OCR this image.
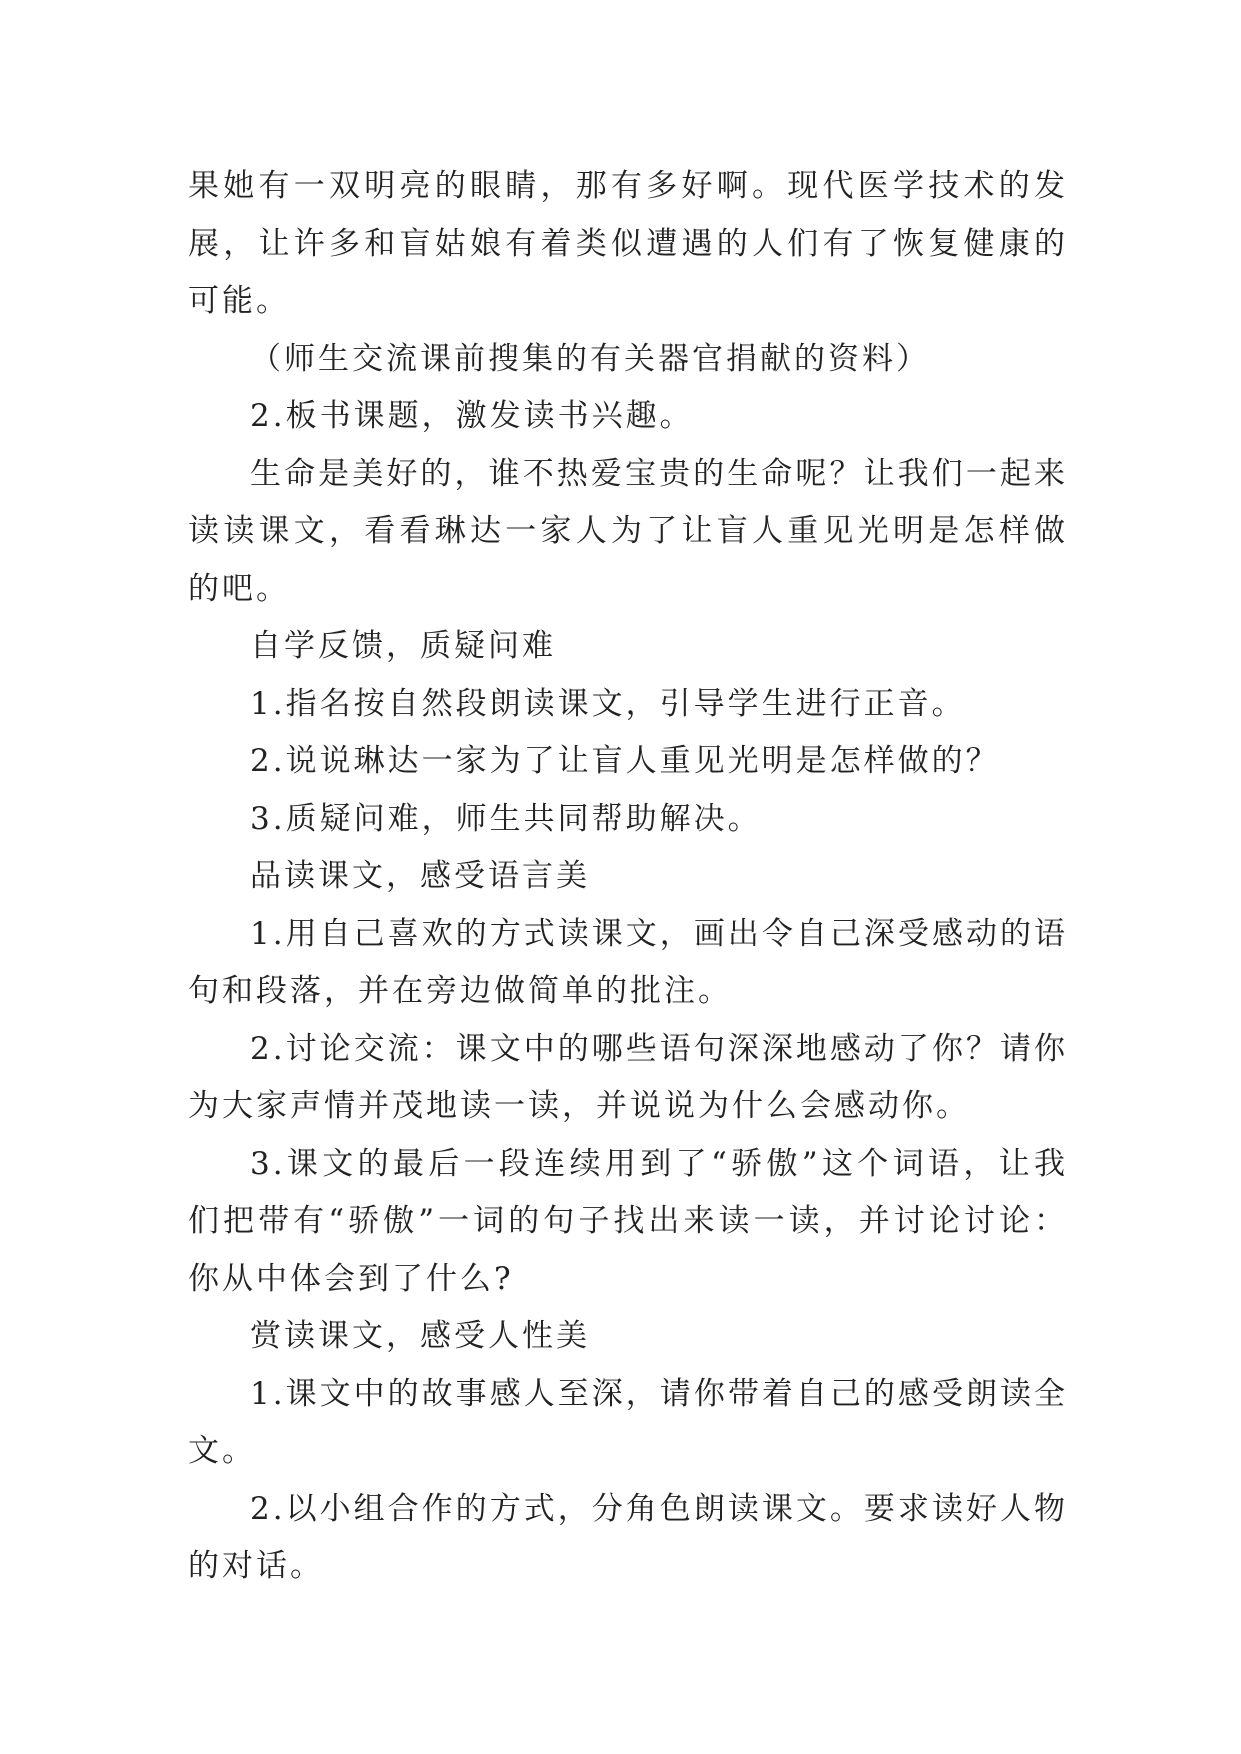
果她有一双明亮的眼睛，那有多好啊。现代医学技术的发展，让许多和盲姑娘有着类似遭遇的人们有了恢复健康的可能。

（师生交流课前搜集的有关器官捐献的资料）

2.板书课题，激发读书兴趣。

生命是美好的，谁不热爱宝贵的生命呢？让我们一起来读读课文，看看琳达一家人为了让盲人重见光明是怎样做的吧。

自学反馈，质疑问难

1.指名按自然段朗读课文，引导学生进行正音。

2.说说琳达一家为了让盲人重见光明是怎样做的？

3.质疑问难，师生共同帮助解决。

品读课文，感受语言美

1.用自己喜欢的方式读课文，画出令自己深受感动的语句和段落，并在旁边做简单的批注。

2.讨论交流：课文中的哪些语句深深地感动了你？请你为大家声情并茂地读一读，并说说为什么会感动你。

3.课文的最后一段连续用到了“骄傲”这个词语，让我们把带有“骄傲”一词的句子找出来读一读，并讨论讨论：你从中体会到了什么?

赏读课文，感受人性美

1.课文中的故事感人至深，请你带着自己的感受朗读全文。

2.以小组合作的方式，分角色朗读课文。要求读好人物的对话。
